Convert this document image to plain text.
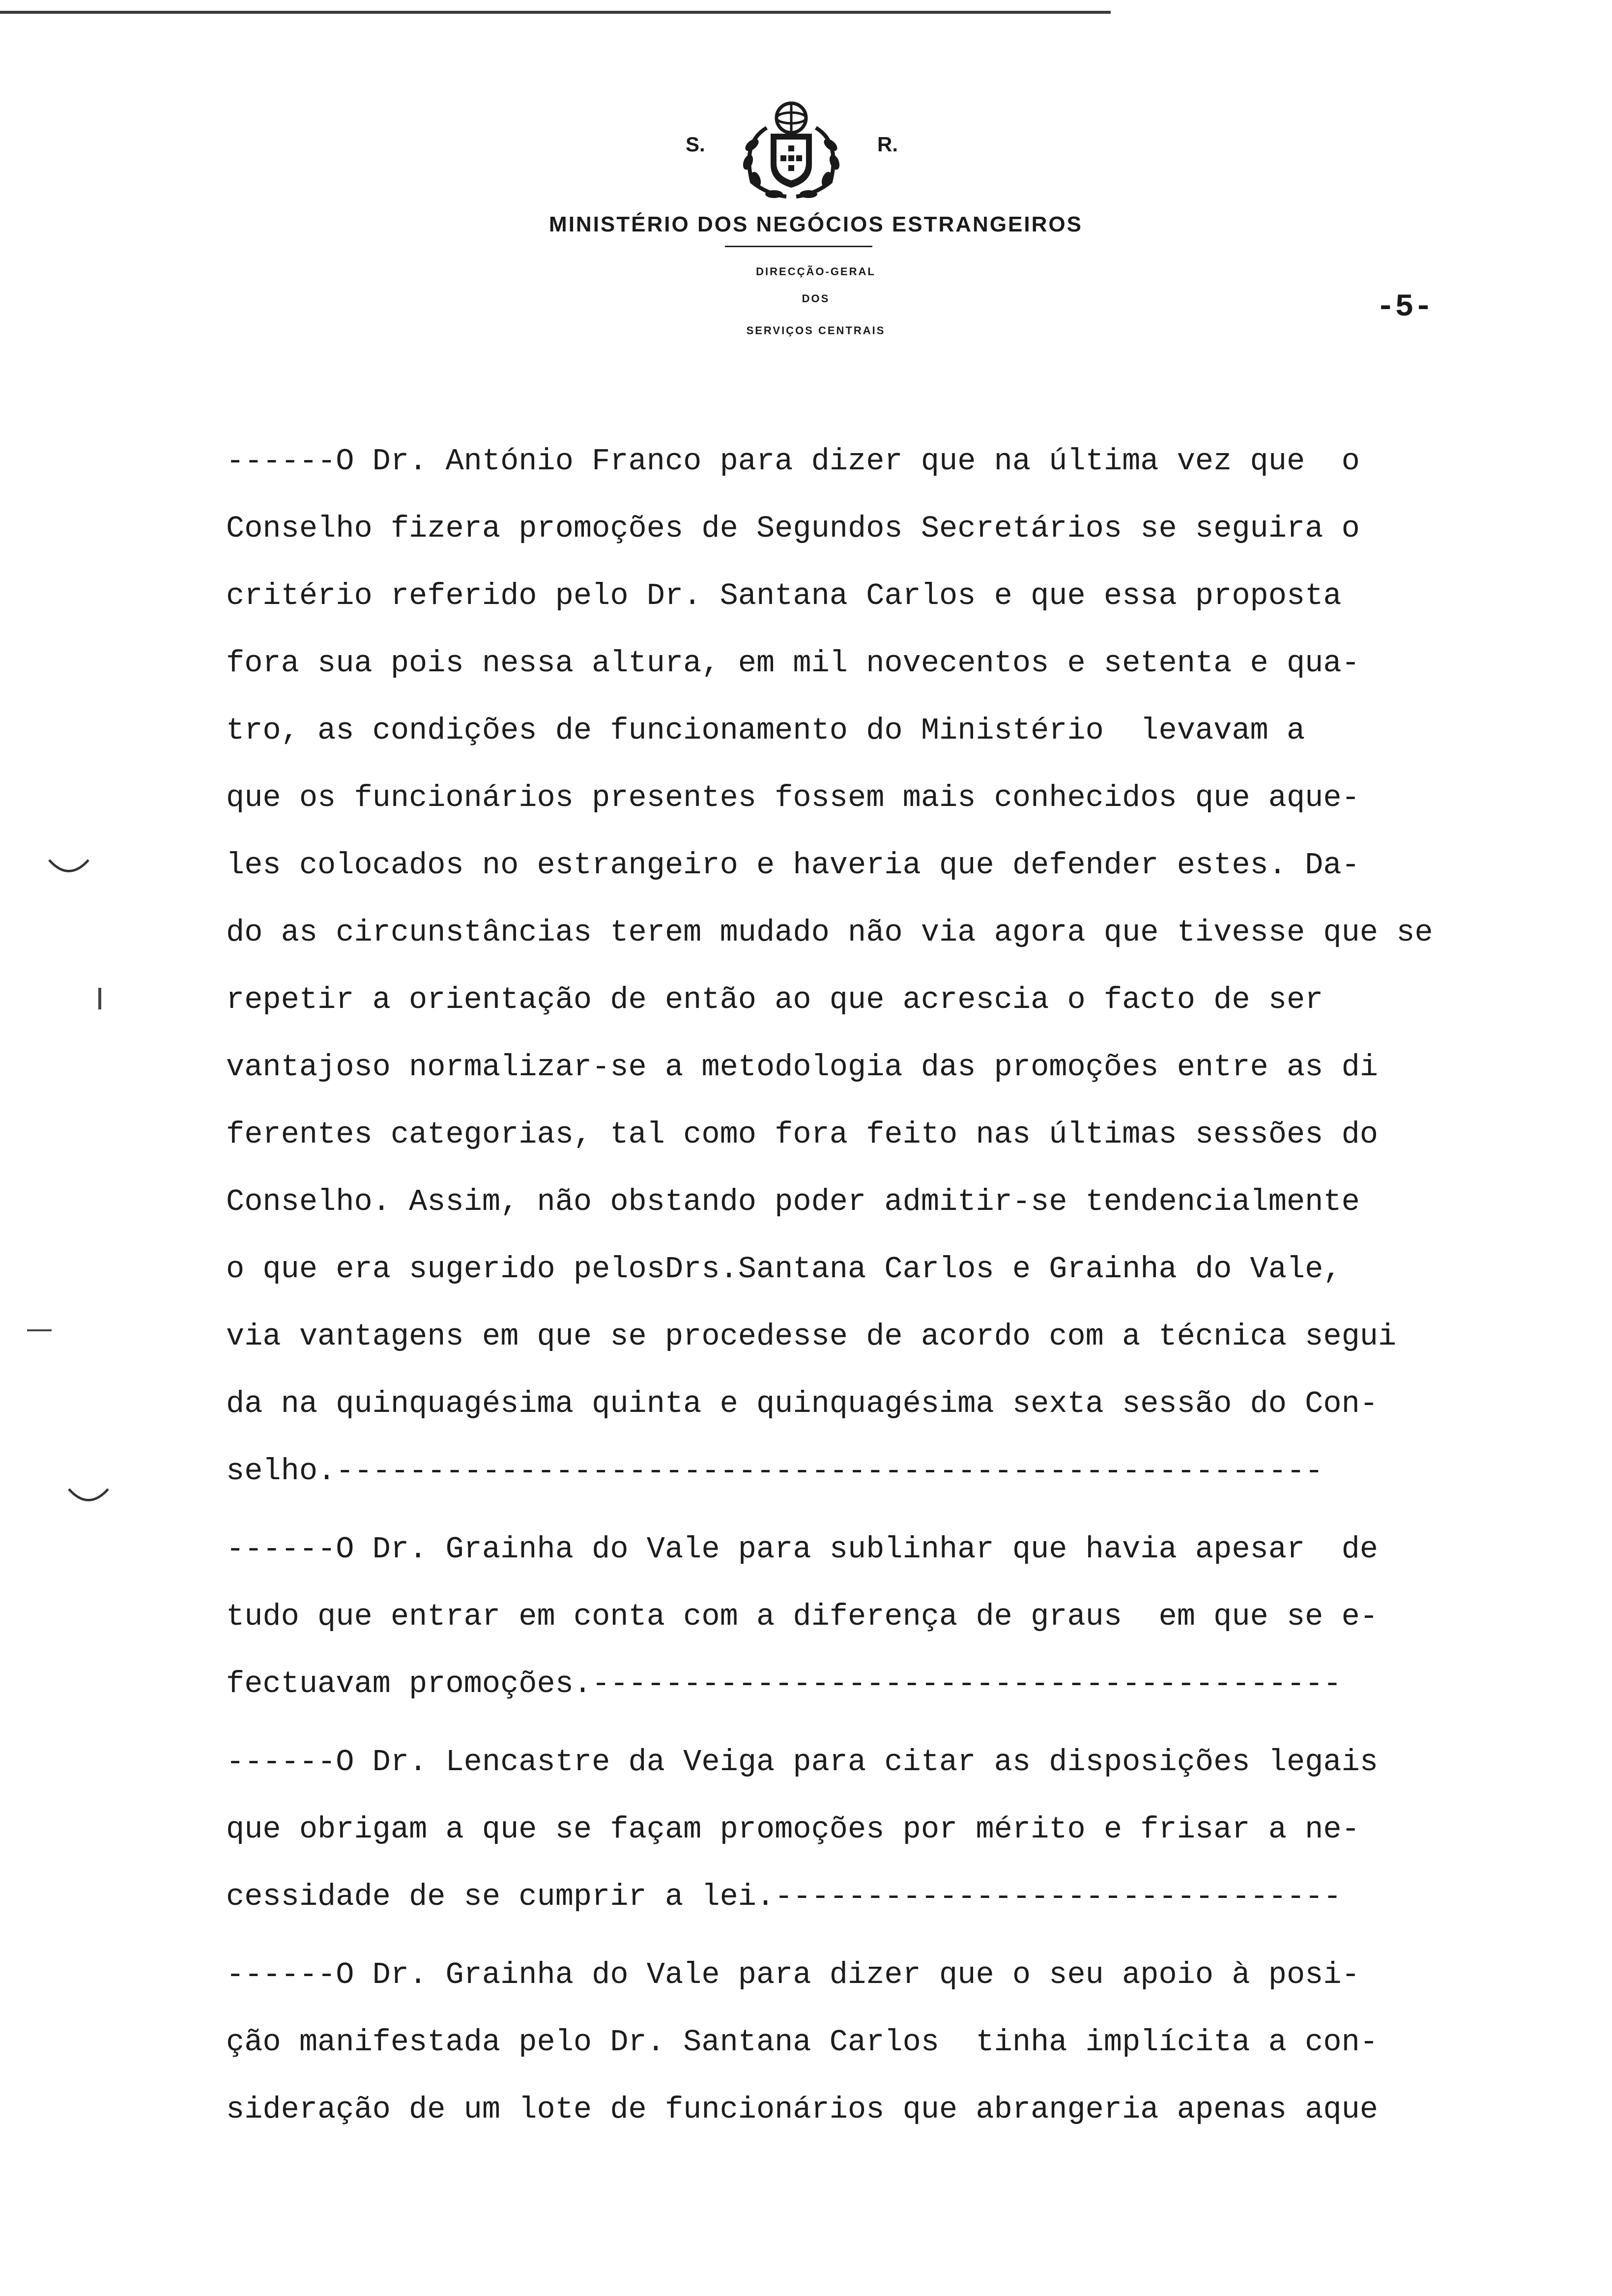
S.	R.
MINISTÉRIO DOS NEGÓCIOS ESTRANGEIROS
DIRECÇÃO-GERAL
DOS
SERVIÇOS CENTRAIS
-5-
------O Dr. António Franco para dizer que na última vez que  o
Conselho fizera promoções de Segundos Secretários se seguira o
critério referido pelo Dr. Santana Carlos e que essa proposta
fora sua pois nessa altura, em mil novecentos e setenta e qua-
tro, as condições de funcionamento do Ministério  levavam a
que os funcionários presentes fossem mais conhecidos que aque-
les colocados no estrangeiro e haveria que defender estes. Da-
do as circunstâncias terem mudado não via agora que tivesse que se
repetir a orientação de então ao que acrescia o facto de ser
vantajoso normalizar-se a metodologia das promoções entre as di
ferentes categorias, tal como fora feito nas últimas sessões do
Conselho. Assim, não obstando poder admitir-se tendencialmente
o que era sugerido pelosDrs.Santana Carlos e Grainha do Vale,
via vantagens em que se procedesse de acordo com a técnica segui
da na quinquagésima quinta e quinquagésima sexta sessão do Con-
selho.------------------------------------------------------
------O Dr. Grainha do Vale para sublinhar que havia apesar  de
tudo que entrar em conta com a diferença de graus  em que se e-
fectuavam promoções.-----------------------------------------
------O Dr. Lencastre da Veiga para citar as disposições legais
que obrigam a que se façam promoções por mérito e frisar a ne-
cessidade de se cumprir a lei.-------------------------------
------O Dr. Grainha do Vale para dizer que o seu apoio à posi-
ção manifestada pelo Dr. Santana Carlos  tinha implícita a con-
sideração de um lote de funcionários que abrangeria apenas aque
